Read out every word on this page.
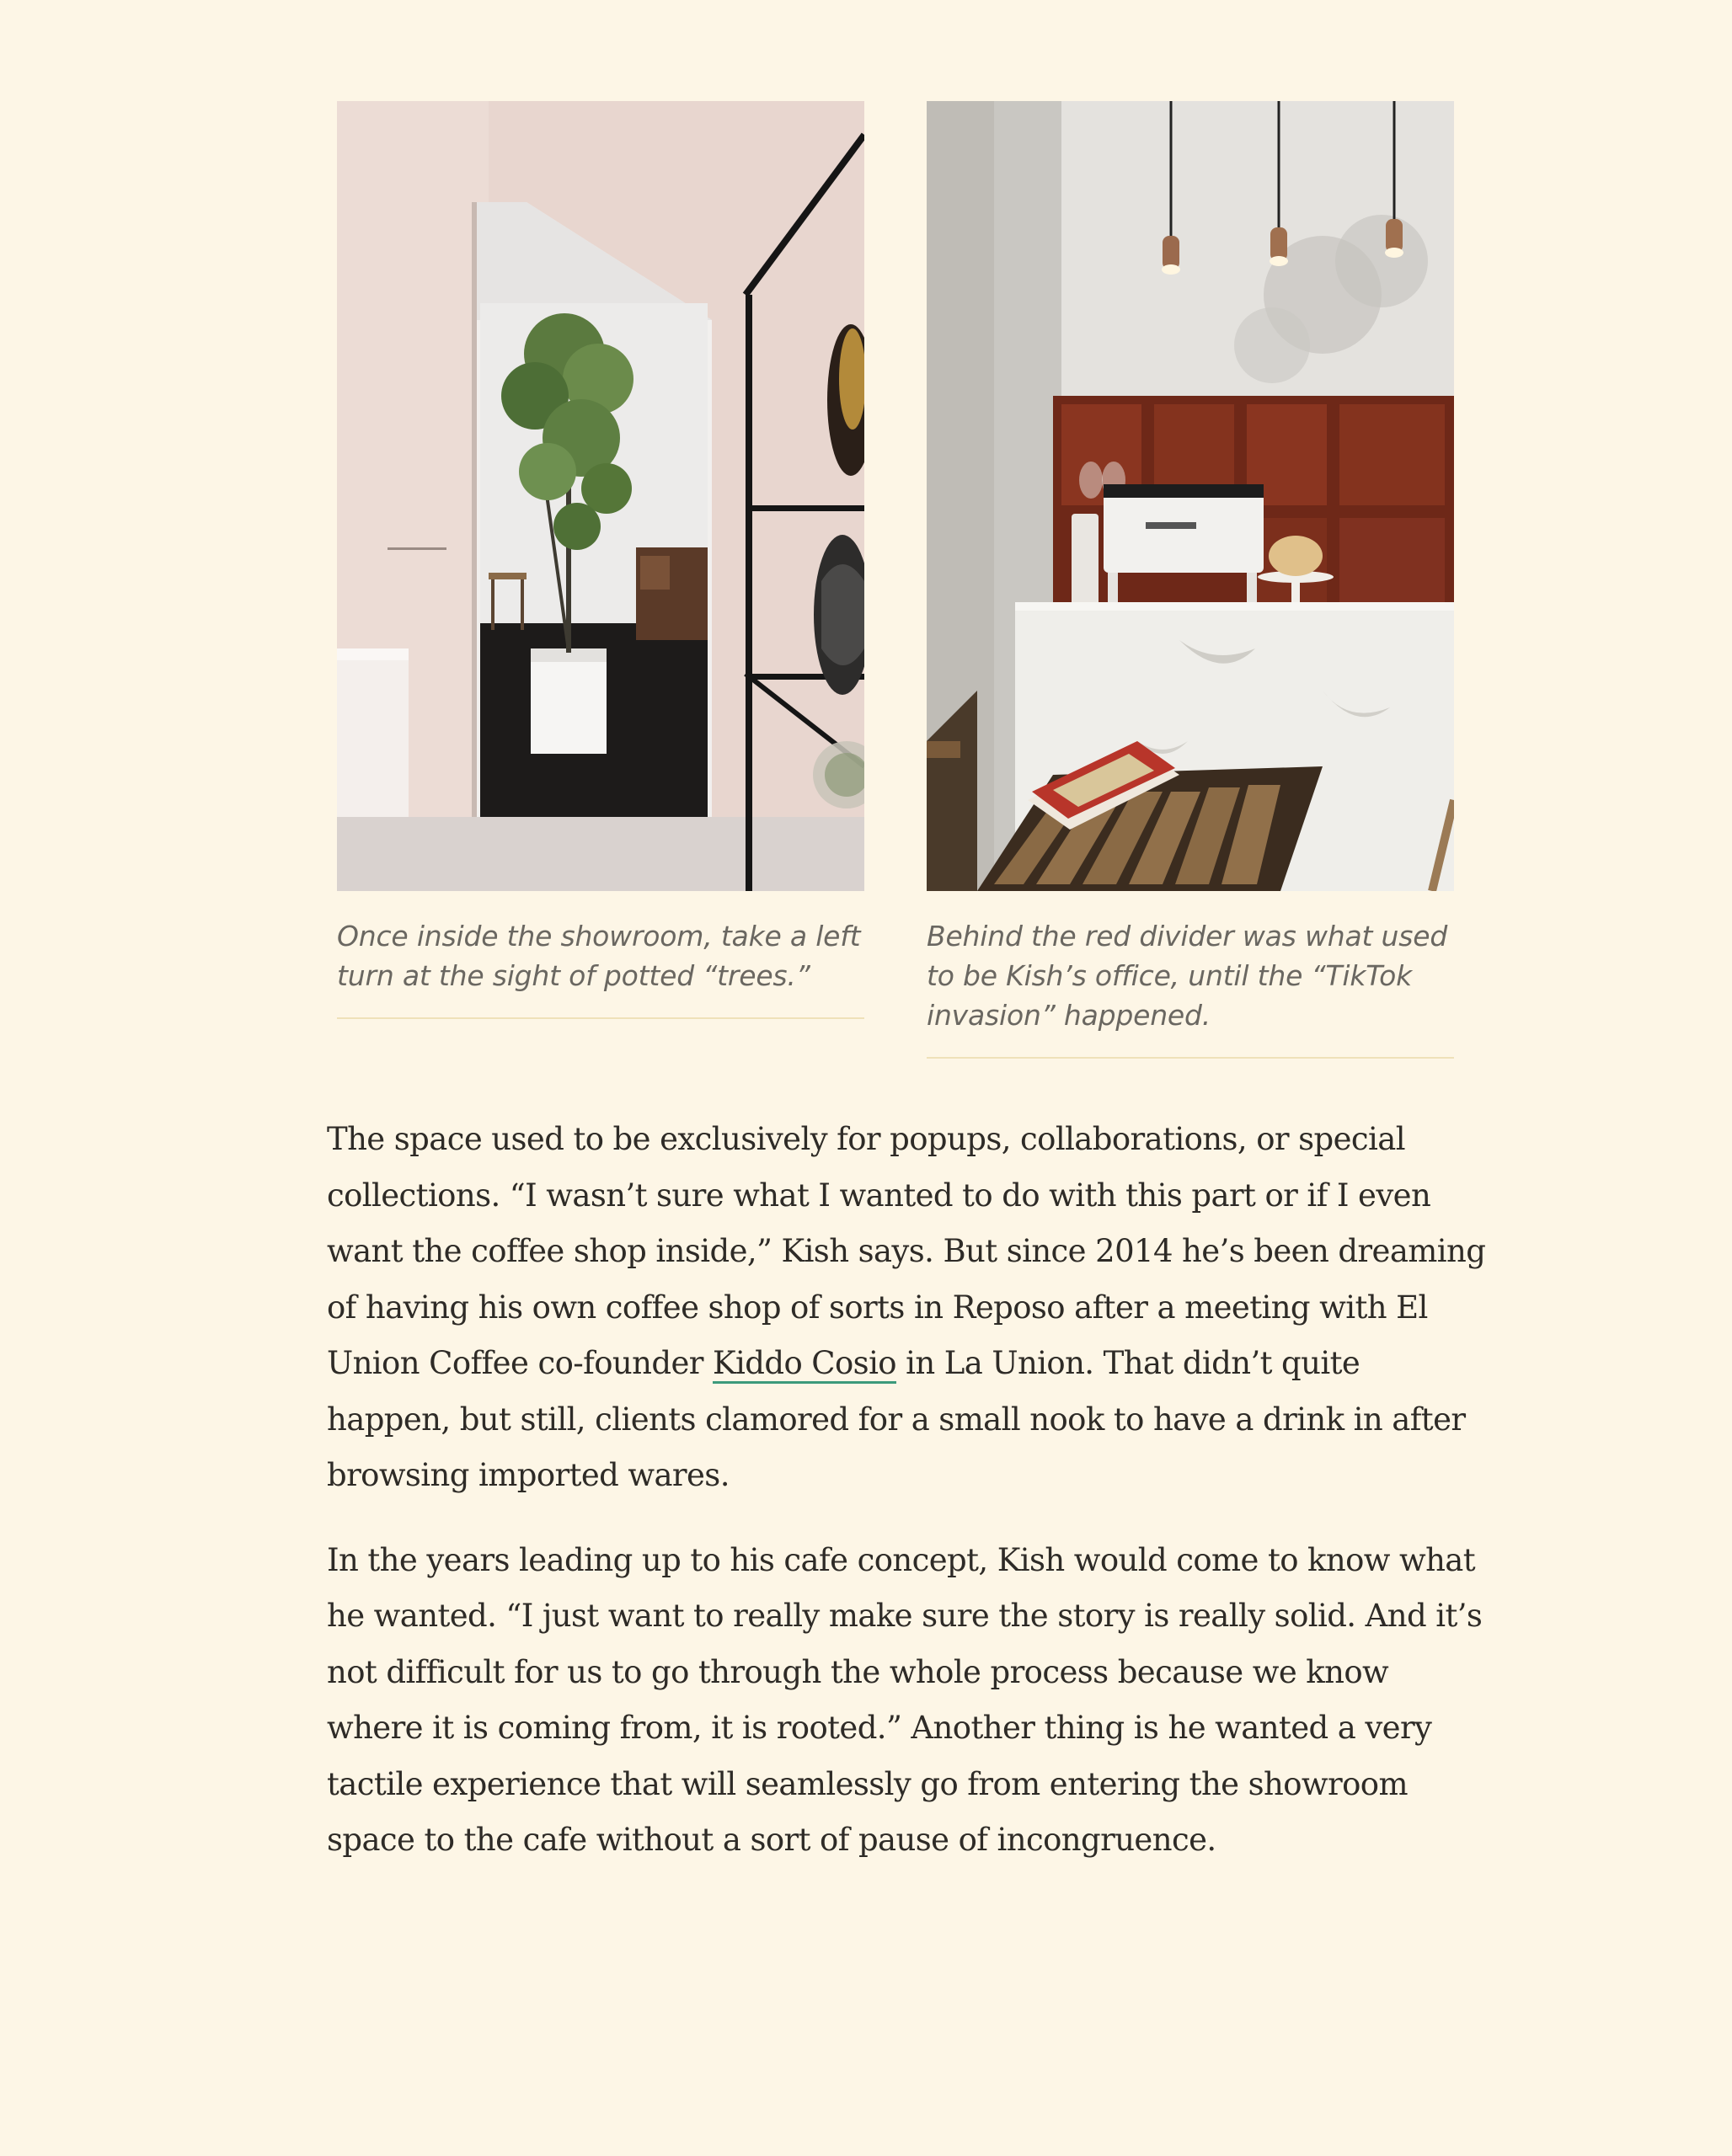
Once inside the showroom, take a left turn at the sight of potted “trees.”
Behind the red divider was what used to be Kish’s office, until the “TikTok invasion” happened.

The space used to be exclusively for popups, collaborations, or special collections. “I wasn’t sure what I wanted to do with this part or if I even want the coffee shop inside,” Kish says. But since 2014 he’s been dreaming of having his own coffee shop of sorts in Reposo after a meeting with El Union Coffee co-founder Kiddo Cosio in La Union. That didn’t quite happen, but still, clients clamored for a small nook to have a drink in after browsing imported wares.

In the years leading up to his cafe concept, Kish would come to know what he wanted. “I just want to really make sure the story is really solid. And it’s not difficult for us to go through the whole process because we know where it is coming from, it is rooted.” Another thing is he wanted a very tactile experience that will seamlessly go from entering the showroom space to the cafe without a sort of pause of incongruence.
